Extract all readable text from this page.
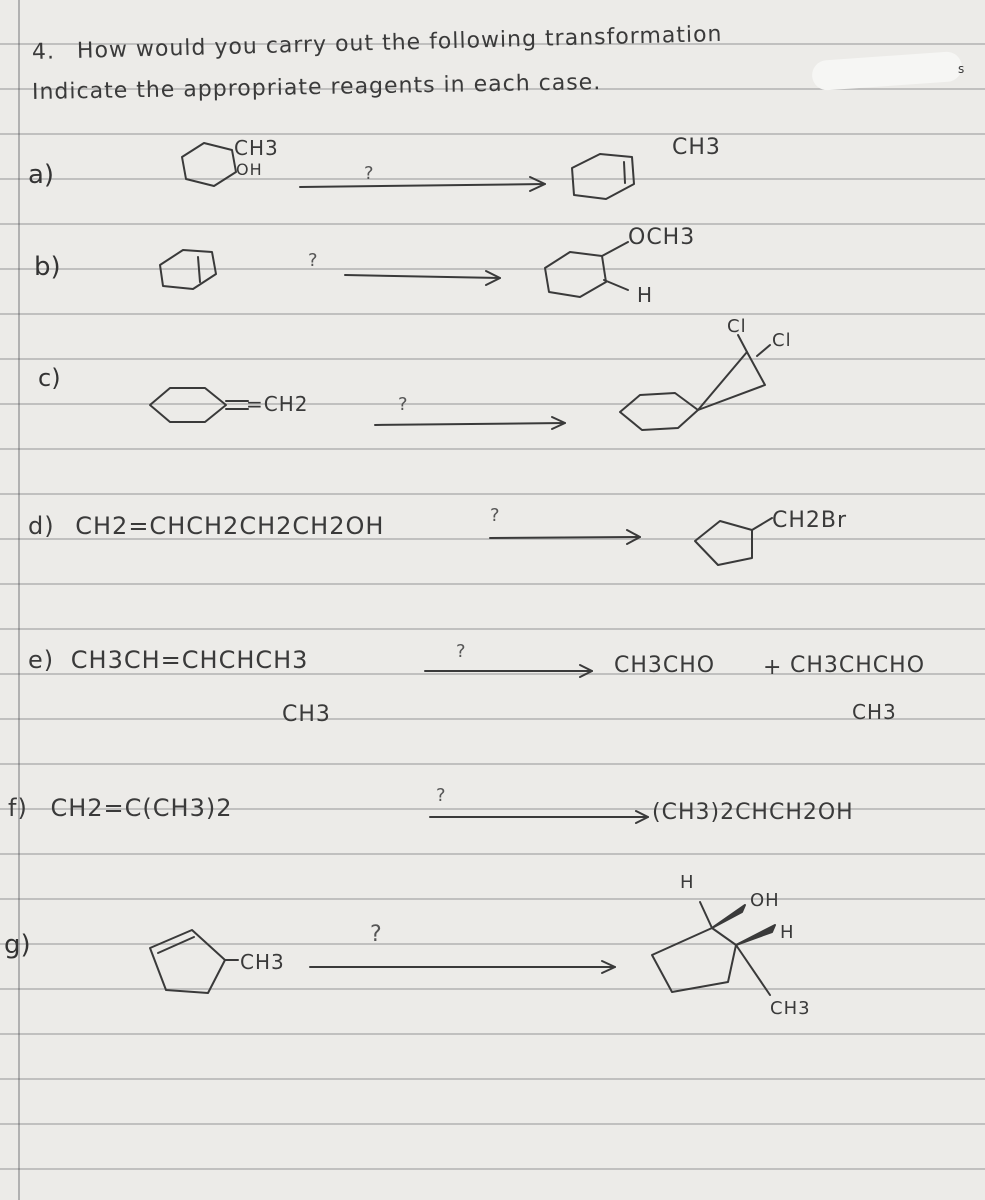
4. How would you carry out the following transformation
Indicate the appropriate reagents in each case.
s
a)
CH3
OH	?
CH3
b)	?
OCH3
H
c)
=CH2	?
Cl
Cl
d) CH2=CHCH2CH2CH2OH	?	CH2Br
e) CH3CH=CHCHCH3
CH3
?
CH3CHO + CH3CHCHO
CH3
f) CH2=C(CH3)2	?
(CH3)2CHCH2OH
g)
CH3
?
H
OH
H
CH3
